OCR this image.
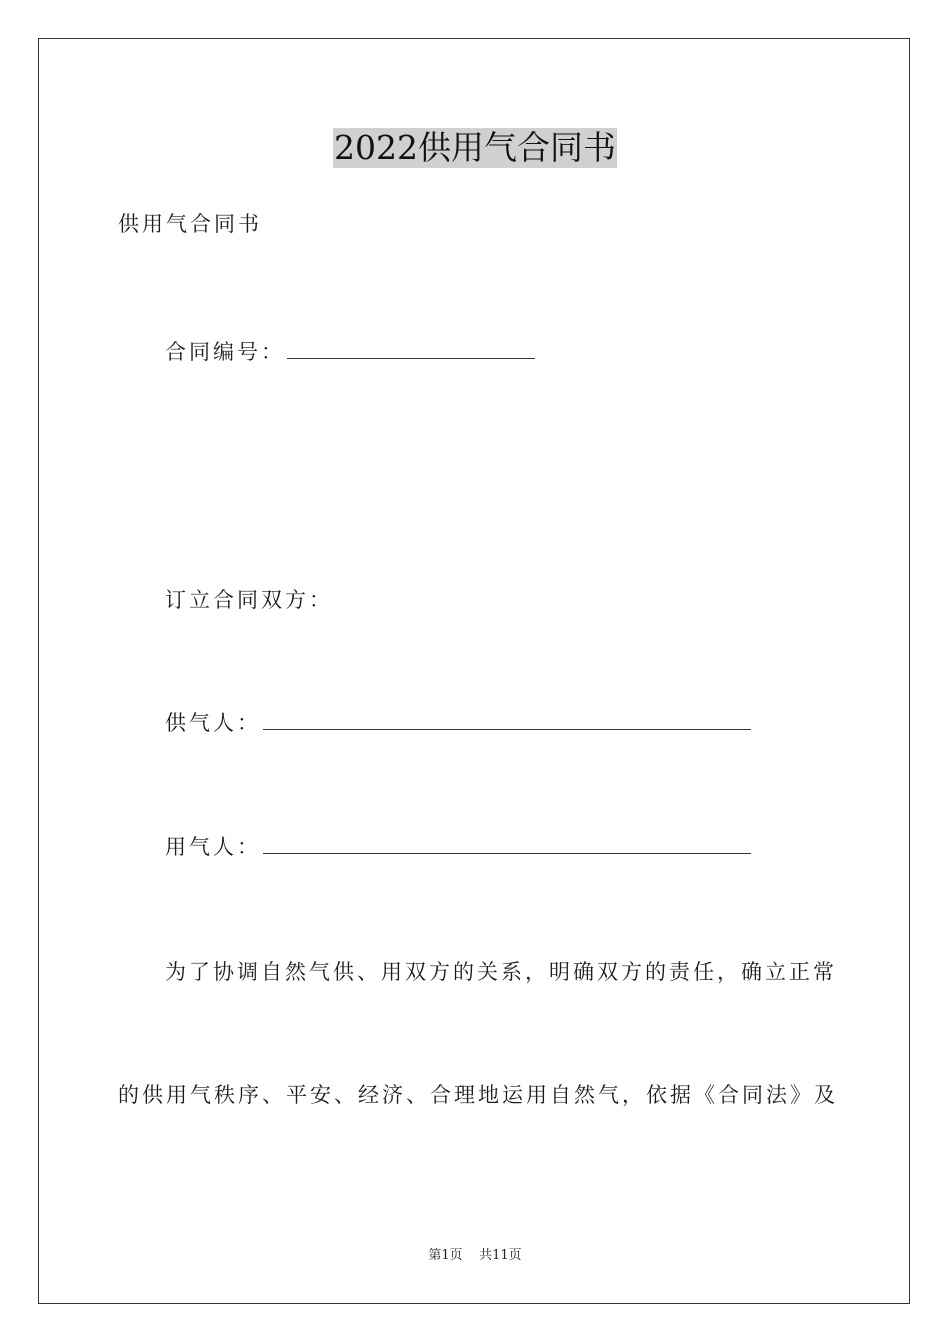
2022供用气合同书
供用气合同书
合同编号：
订立合同双方：
供气人：
用气人：
为了协调自然气供、用双方的关系，明确双方的责任，确立正常
的供用气秩序、平安、经济、合理地运用自然气，依据《合同法》及
第1页 共11页
